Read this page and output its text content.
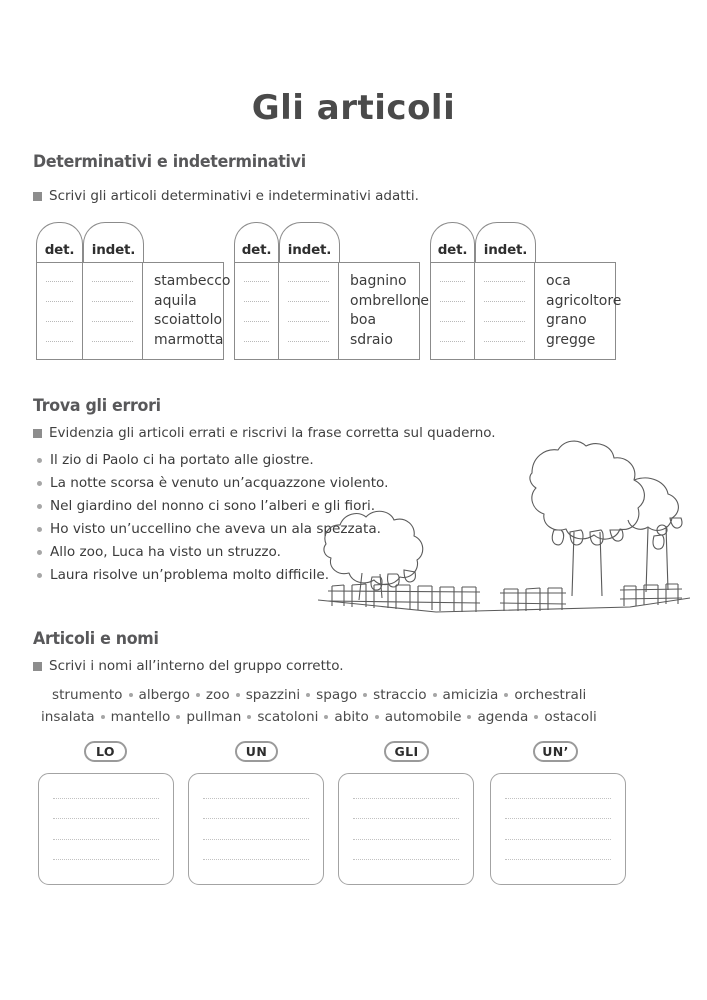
Gli articoli
Determinativi e indeterminativi
Scrivi gli articoli determinativi e indeterminativi adatti.
det. indet.
stambecco
aquila
scoiattolo
marmotta
det. indet.
bagnino
ombrellone
boa
sdraio
det. indet.
oca
agricoltore
grano
gregge
Trova gli errori
Evidenzia gli articoli errati e riscrivi la frase corretta sul quaderno.
Il zio di Paolo ci ha portato alle giostre.
La notte scorsa è venuto un’acquazzone violento.
Nel giardino del nonno ci sono l’alberi e gli fiori.
Ho visto un’uccellino che aveva un ala spezzata.
Allo zoo, Luca ha visto un struzzo.
Laura risolve un’problema molto difficile.
Articoli e nomi
Scrivi i nomi all’interno del gruppo corretto.
strumento albergo zoo spazzini spago straccio amicizia orchestrali
insalata mantello pullman scatoloni abito automobile agenda ostacoli
LO	UN	GLI	UN’
